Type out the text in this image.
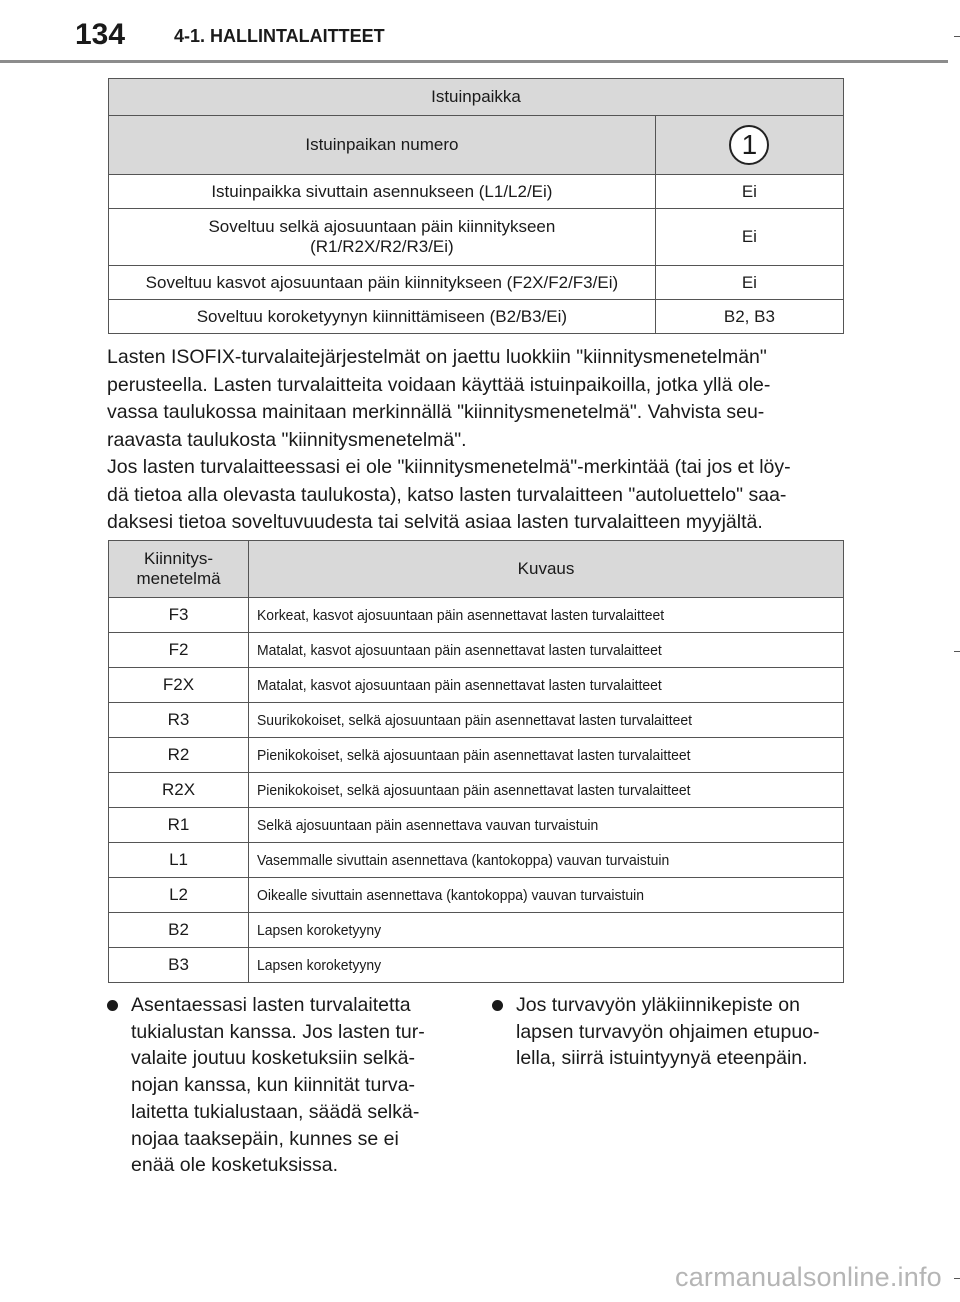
134	4-1. HALLINTALAITTEET
Istuinpaikka	
Istuinpaikan numero	1
Istuinpaikka sivuttain asennukseen (L1/L2/Ei)	Ei
Soveltuu selkä ajosuuntaan päin kiinnitykseen
(R1/R2X/R2/R3/Ei)	Ei
Soveltuu kasvot ajosuuntaan päin kiinnitykseen (F2X/F2/F3/Ei)	Ei
Soveltuu koroketyynyn kiinnittämiseen (B2/B3/Ei)	B2, B3

Lasten ISOFIX-turvalaitejärjestelmät on jaettu luokkiin "kiinnitysmenetelmän"

perusteella. Lasten turvalaitteita voidaan käyttää istuinpaikoilla, jotka yllä ole-

vassa taulukossa mainitaan merkinnällä "kiinnitysmenetelmä". Vahvista seu-

raavasta taulukosta "kiinnitysmenetelmä".

Jos lasten turvalaitteessasi ei ole "kiinnitysmenetelmä"-merkintää (tai jos et löy-

dä tietoa alla olevasta taulukosta), katso lasten turvalaitteen "autoluettelo" saa-

daksesi tietoa soveltuvuudesta tai selvitä asiaa lasten turvalaitteen myyjältä.

Kiinnitys-
menetelmä	Kuvaus
F3	Korkeat, kasvot ajosuuntaan päin asennettavat lasten turvalaitteet
F2	Matalat, kasvot ajosuuntaan päin asennettavat lasten turvalaitteet
F2X	Matalat, kasvot ajosuuntaan päin asennettavat lasten turvalaitteet
R3	Suurikokoiset, selkä ajosuuntaan päin asennettavat lasten turvalaitteet
R2	Pienikokoiset, selkä ajosuuntaan päin asennettavat lasten turvalaitteet
R2X	Pienikokoiset, selkä ajosuuntaan päin asennettavat lasten turvalaitteet
R1	Selkä ajosuuntaan päin asennettava vauvan turvaistuin
L1	Vasemmalle sivuttain asennettava (kantokoppa) vauvan turvaistuin
L2	Oikealle sivuttain asennettava (kantokoppa) vauvan turvaistuin
B2	Lapsen koroketyyny
B3	Lapsen koroketyyny
Asentaessasi lasten turvalaitetta
tukialustan kanssa. Jos lasten tur-
valaite joutuu kosketuksiin selkä-
nojan kanssa, kun kiinnität turva-
laitetta tukialustaan, säädä selkä-
nojaa taaksepäin, kunnes se ei
enää ole kosketuksissa.
Jos turvavyön yläkiinnikepiste on
lapsen turvavyön ohjaimen etupuo-
lella, siirrä istuintyynyä eteenpäin.
carmanualsonline.info
